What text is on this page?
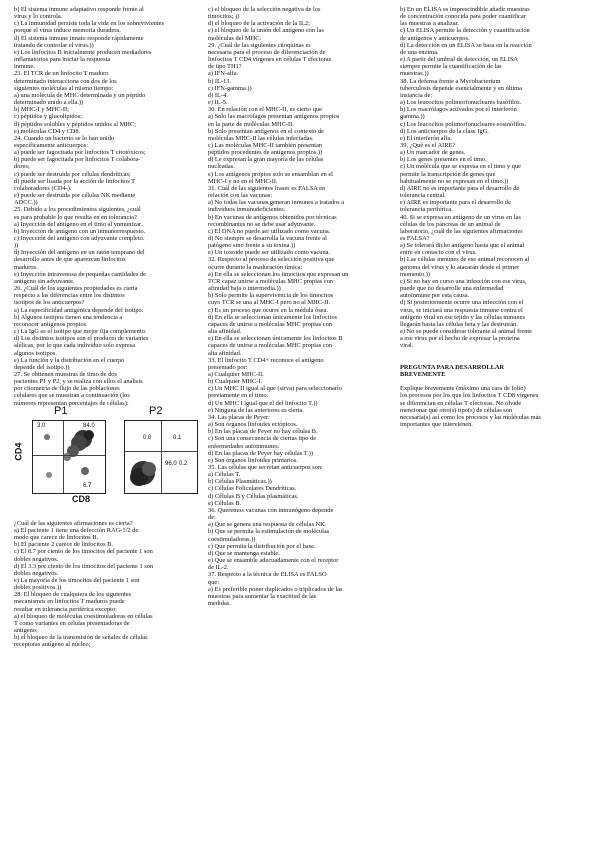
b) El sistema inmune adaptativo responde frente al
virus y lo controla.
c) La inmunidad persiste toda la vida en los sobrevivientes
porque el virus induce memoria duradera.
d) El sistema inmune innato responde rápidamente
tratando de controlar el virus.))
e) Los linfocitos B inicialmente producen mediadores
inflamatorios para iniciar la respuesta
inmune.
23. El TCR de un linfocito T maduro
determinado interacciona con dos de los
siguientes moléculas al mismo tiempo:
a) una molécula de MHC determinada y un péptido
determinado unido a ella.))
b) MHC-I y MHC-II;
c) péptidos y glucolípidos;
d) péptidos solubles y péptidos unidos al MHC;
e) moléculas CD4 y CD8.
24. Cuando un bacterio se lo han unido
específicamente anticuerpos:
a) puede ser fagocitada por linfocitos T citotóxicos;
b) puede ser fagocitada por linfocitos T colabora-
dores;
c) puede ser destruida por células dendríticas;
d) puede ser lisada por la acción de linfocitos T
colaboradores (CD4-).
e) puede ser destruida por células NK mediante
ADCC.))
25. Debido a los procedimientos siguientes, ¿cuál
es para probable lo que resulta en en tolerancia?
a) Inyección del antígeno en el timo al ynmunizar.
b) Inyección de antígeno con un inmunorrespuesto.
c) Inyección del antígeno con adyuvante completo.
))
d) Inyección del antígeno en un ratón temprano del
desarrollo antes de que aparezcan linfocitos
maduros.
e) Inyección intravenosa de pequeñas cantidades de
antígeno sin adyuvante.
26. ¿Cuál de los siguientes propiedades es cierta
respecto a las diferencias entre los distintos
isotipos de los anticuerpos?
a) La especificidad antigénica depende del isotipo.
b) Algunos isotipos tienen una tendencia a
reconocer antígenos propios.
c) La IgG es el isotipo que mejor fija complemento.
d) Los distintos isotipos son el producto de variantes
alélicas, por lo que cada individuo solo expresa
algunos isotipos.
e) La función y la distribución en el cuerpo
depende del isotipo.))
27. Se obtienen muestras de timo de dos
pacientes P1 y P2, y se realiza con ellos el análisis
por citometría de flujo de las poblaciones
celulares que se muestran a continuación (los
números representan porcentajes de células):
P1	P2
CD4
3.0	84.0
6.7
0.0	0.1
96.0 0.2
CD8
¿Cuál de las siguientes afirmaciones es cierta?
a) El paciente 1 tiene una defección RAG-1/2 de
modo que carece de linfocitos B.
b) El paciente 2 carece de linfocitos B.
c) El 8.7 por ciento de los timocitos del paciente 1 son
dobles negativos.
d) El 3.3 por ciento de los timocitos del paciente 1 son
dobles negativos.
e) La mayoría de los timocitos del paciente 1 son
dobles positivos.))
28. El bloqueo de cualquiera de los siguientes
mecanismos en linfocitos T maduros puede
resultar en tolerancia periférica excepto:
a) el bloqueo de moléculas coestimuladoras en células
T como variantes en células presentadoras de
antígeno;
b) el bloqueo de la transmisión de señales de células
receptoras antígeno al núcleo;
c) el bloqueo de la selección negativa de los
timocitos; ))
d) el bloqueo de la activación de la IL2;
e) el bloqueo de la unión del antígeno con las
moléculas del MHC.
29. ¿Cuál de las siguientes citoquinas es
necesaria para el proceso de diferenciación de
linfocitos T CD4 vírgenes en células T efectoras
de tipo TH1?
a) IFN-alfa.
b) IL-13.
c) IFN-gamma.))
d) IL-4.
e) IL-5.
30. En relación con el MHC-II, es cierto que
a) Solo las macrófagos presentan antígenos propios
en la parte de moléculas MHC-II.
b) Solo presentan antígenos en el contexto de
moléculas MHC-II las células infectadas.
c) Las moléculas MHC-II también presentan
péptidos procedentes de antígenos propios.))
d) Le expresan la gran mayoría de las células
nucleadas.
e) Los antígenos propios solo se ensamblan en el
MHC-I y no en el MHC-II.
31. Cuál de las siguientes frases es FALSA en
relación con las vacunas:
a) No todas las vacunas generan inmunes a tratados a
individuos inmunodeficientes.
b) En vacunas de antígenos obtenidos por técnicas
recombinantes no se debe usar adyuvante.
c) El DNA no puede ser utilizado como vacuna.
d) No siempre se desarrolla la vacuna frente al
patógeno sino frente a su toxina.))
e) Un toxoide puede ser utilizado como vacuna.
32. Respecto al proceso de selección positiva que
ocurre durante la maduración tímica:
a) En ella se seleccionan los timocitos que expresan un
TCR capaz unirse a moléculas MHC propias con
afinidad baja o intermedia.))
b) Solo permite la supervivencia de los timocitos
cuyo TCR se una al MHC-I pero no al MHC-II.
c) Es un proceso que ocurre en la médula ósea.
d) En ella se seleccionan únicamente los linfocitos
capaces de unirse a moléculas MHC propias con
alta afinidad.
e) En ella se seleccionan únicamente los linfocitos B
capaces de unirse a moléculas MHC propias con
alta afinidad.
33. El linfocito T CD4+ reconoce el antígeno
presentado por:
a) Cualquier MHC-II.
b) Cualquier MHC-I.
c) Un MHC II igual al que (sirva) para seleccionarlo
previamente en el timo.
d) Un MHC I igual que el del linfocito T.))
e) Ninguna de las anteriores es cierta.
34. Las placas de Peyer:
a) Son órganos linfoides ectópicos.
b) En las placas de Peyer no hay células B.
c) Son una consecuencia de ciertas tipo de
enfermedades autoinmunes.
d) En las placas de Peyer hay células T.))
e) Son órganos linfoides primarios.
35. Las células que secretan anticuerpos son:
a) Células T.
b) Células Plasmáticas.))
c) Células Foliculares Dendríticas.
d) Células B y Células plasmáticas.
e) Células B.
36. Queremos vacunas con inmunógeno depende
de:
a) Que se genera una respuesta de células NK.
b) Que se permita la estimulación de moléculas
coestimuladoras.))
c) Que permita la distribución por el base.
d) Que se mantenga estable.
e) Que se ensamble adecuadamente con el receptor
de IL-2.
37. Respecto a la técnica de ELISA es FALSO
que:
a) Es preferible poner duplicados o triplicados de las
muestras para aumentar la exactitud de las
medidas.
b) En un ELISA es imprescindible añadir muestras
de concentración conocida para poder cuantificar
las muestras a analizar.
c) Un ELISA permite la detección y cuantificación
de antígenos y anticuerpos.
d) La detección en un ELISA se basa en la reacción
de una enzima.
e) A partir del umbral de detección, un ELISA
siempre permite la cuantificación de las
muestras.))
38. La defensa frente a Mycobacterium
tuberculosis depende esencialmente y en última
instancia de:
a) Los leucocitos polimorfonucleares basófilos.
b) Los macrófagos activados por el interferón
gamma.))
c) Los leucocitos polimorfonucleares eosinófilos.
d) Los anticuerpos de la clase IgG.
e) El interferón alfa.
39. ¿Qué es el AIRE?
a) Un marcador de genes.
b) Los genes presentes en el timo.
c) Un molécula que se expresa en el timo y que
permite la transcripción de genes que
habitualmente no se expresan en el timo.))
d) AIRE no es importante para el desarrollo de
tolerancia central.
e) AIRE es importante para el desarrollo de
tolerancia periférica.
40. Si se expresa un antígeno de un virus en las
células de los páncreas de un animal de
laboratorio, ¿cuál de las siguientes afirmaciones
es FALSA?
a) Se tolerará dicho antígeno hasta que el animal
entre en contacto con el virus.
b) Las células inmunes de ese animal reconocen al
genoma del virus y lo atacarán desde el primer
momento.))
c) Si no hay en curso una infección con ese virus,
puede que no desarrolle una enfermedad
autoinmune por esta causa.
d) Si posteriormente ocurre una infección con el
virus, se iniciará una respuesta inmune contra el
antígeno viral en ese tejido y las células inmunes
llegarán hasta las células beta y las destruirán.
e) No se puede considerar tolerante al animal frente
a ese virus por el hecho de expresar la proteína
viral.
PREGUNTA PARA DESARROLLAR
BREVEMENTE
Explique brevemente (máximo una cara de folio)
los procesos por los que los linfocitos T CD8 vírgenes
se diferencian en células T efectoras. No olvide
mencionar qué otro(s) tipo(s) de células son
necesaria(s) así como los procesos y las moléculas más
importantes que intervienen.
